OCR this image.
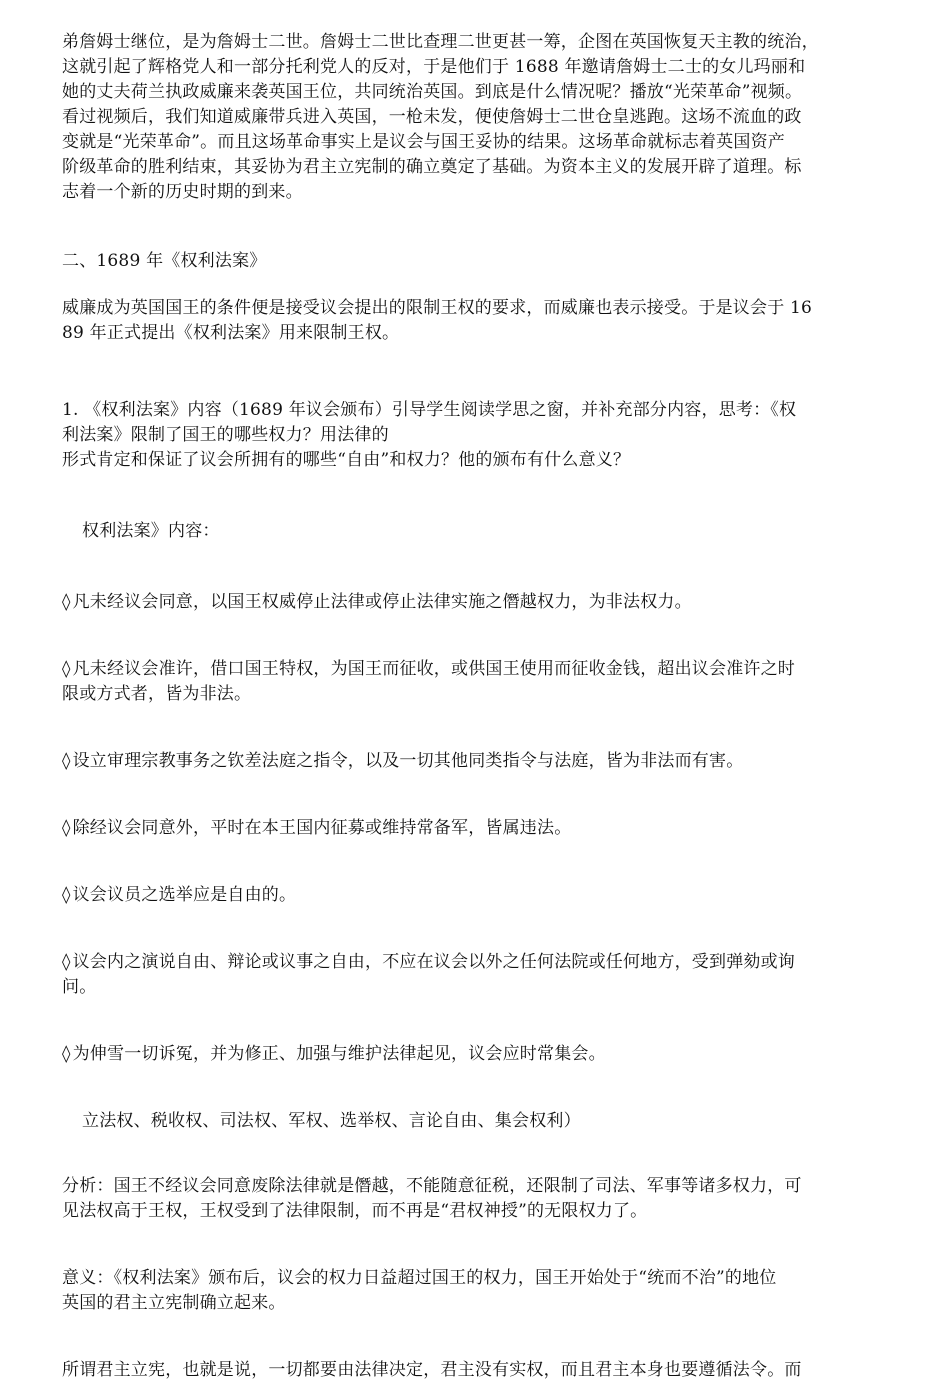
弟詹姆士继位，是为詹姆士二世。詹姆士二世比查理二世更甚一筹，企图在英国恢复天主教的统治，

这就引起了辉格党人和一部分托利党人的反对，于是他们于 1688 年邀请詹姆士二士的女儿玛丽和

她的丈夫荷兰执政威廉来袭英国王位，共同统治英国。到底是什么情况呢？播放“光荣革命”视频。

看过视频后，我们知道威廉带兵进入英国，一枪未发，便使詹姆士二世仓皇逃跑。这场不流血的政

变就是“光荣革命”。而且这场革命事实上是议会与国王妥协的结果。这场革命就标志着英国资产

阶级革命的胜利结束，其妥协为君主立宪制的确立奠定了基础。为资本主义的发展开辟了道理。标

志着一个新的历史时期的到来。

二、1689 年《权利法案》

威廉成为英国国王的条件便是接受议会提出的限制王权的要求，而威廉也表示接受。于是议会于 16

89 年正式提出《权利法案》用来限制王权。

1. 《权利法案》内容（1689 年议会颁布）引导学生阅读学思之窗，并补充部分内容，思考：《权

利法案》限制了国王的哪些权力？用法律的

形式肯定和保证了议会所拥有的哪些“自由”和权力？他的颁布有什么意义？

权利法案》内容：

◊ 凡未经议会同意，以国王权威停止法律或停止法律实施之僭越权力，为非法权力。

◊ 凡未经议会准许，借口国王特权，为国王而征收，或供国王使用而征收金钱，超出议会准许之时

限或方式者，皆为非法。

◊ 设立审理宗教事务之钦差法庭之指令，以及一切其他同类指令与法庭，皆为非法而有害。

◊ 除经议会同意外，平时在本王国内征募或维持常备军，皆属违法。

◊ 议会议员之选举应是自由的。

◊ 议会内之演说自由、辩论或议事之自由，不应在议会以外之任何法院或任何地方，受到弹劾或询

问。

◊ 为伸雪一切诉冤，并为修正、加强与维护法律起见，议会应时常集会。

立法权、税收权、司法权、军权、选举权、言论自由、集会权利）

分析：国王不经议会同意废除法律就是僭越，不能随意征税，还限制了司法、军事等诸多权力，可

见法权高于王权，王权受到了法律限制，而不再是“君权神授”的无限权力了。

意义：《权利法案》颁布后，议会的权力日益超过国王的权力，国王开始处于“统而不治”的地位

英国的君主立宪制确立起来。

所谓君主立宪，也就是说，一切都要由法律决定，君主没有实权，而且君主本身也要遵循法令。而
